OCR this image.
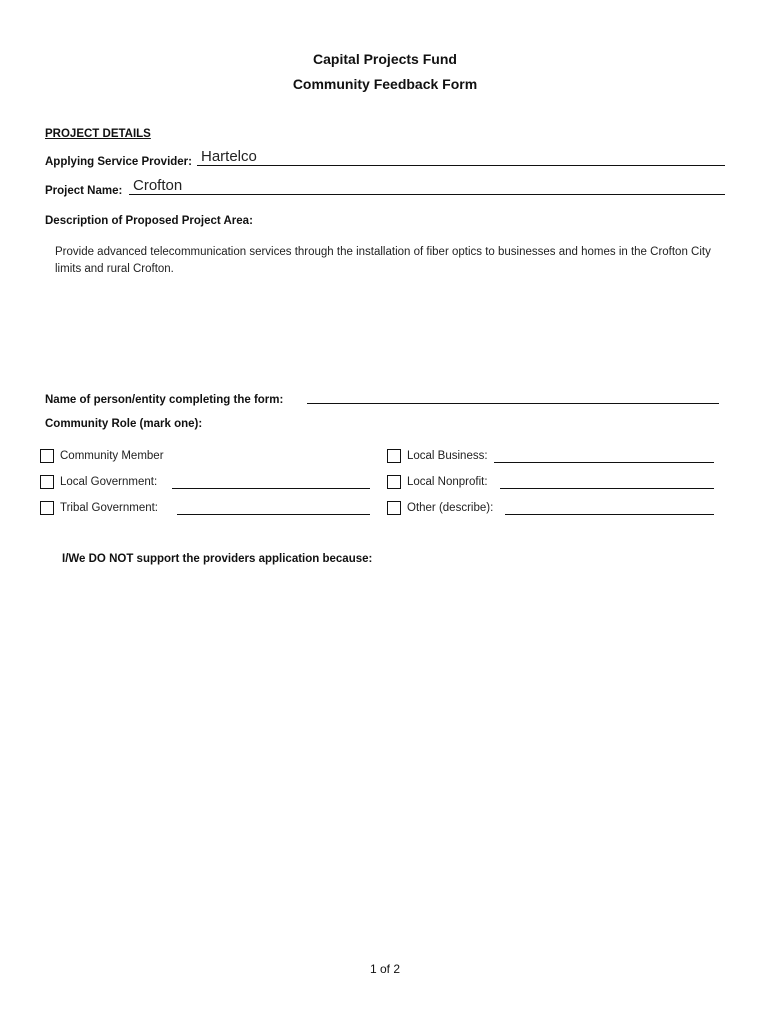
Capital Projects Fund
Community Feedback Form
PROJECT DETAILS
Applying Service Provider: Hartelco
Project Name: Crofton
Description of Proposed Project Area:
Provide advanced telecommunication services through the installation of fiber optics to businesses and homes in the Crofton City limits and rural Crofton.
Name of person/entity completing the form:
Community Role (mark one):
Community Member
Local Government:
Tribal Government:
Local Business:
Local Nonprofit:
Other (describe):
I/We DO NOT support the providers application because:
1 of 2
